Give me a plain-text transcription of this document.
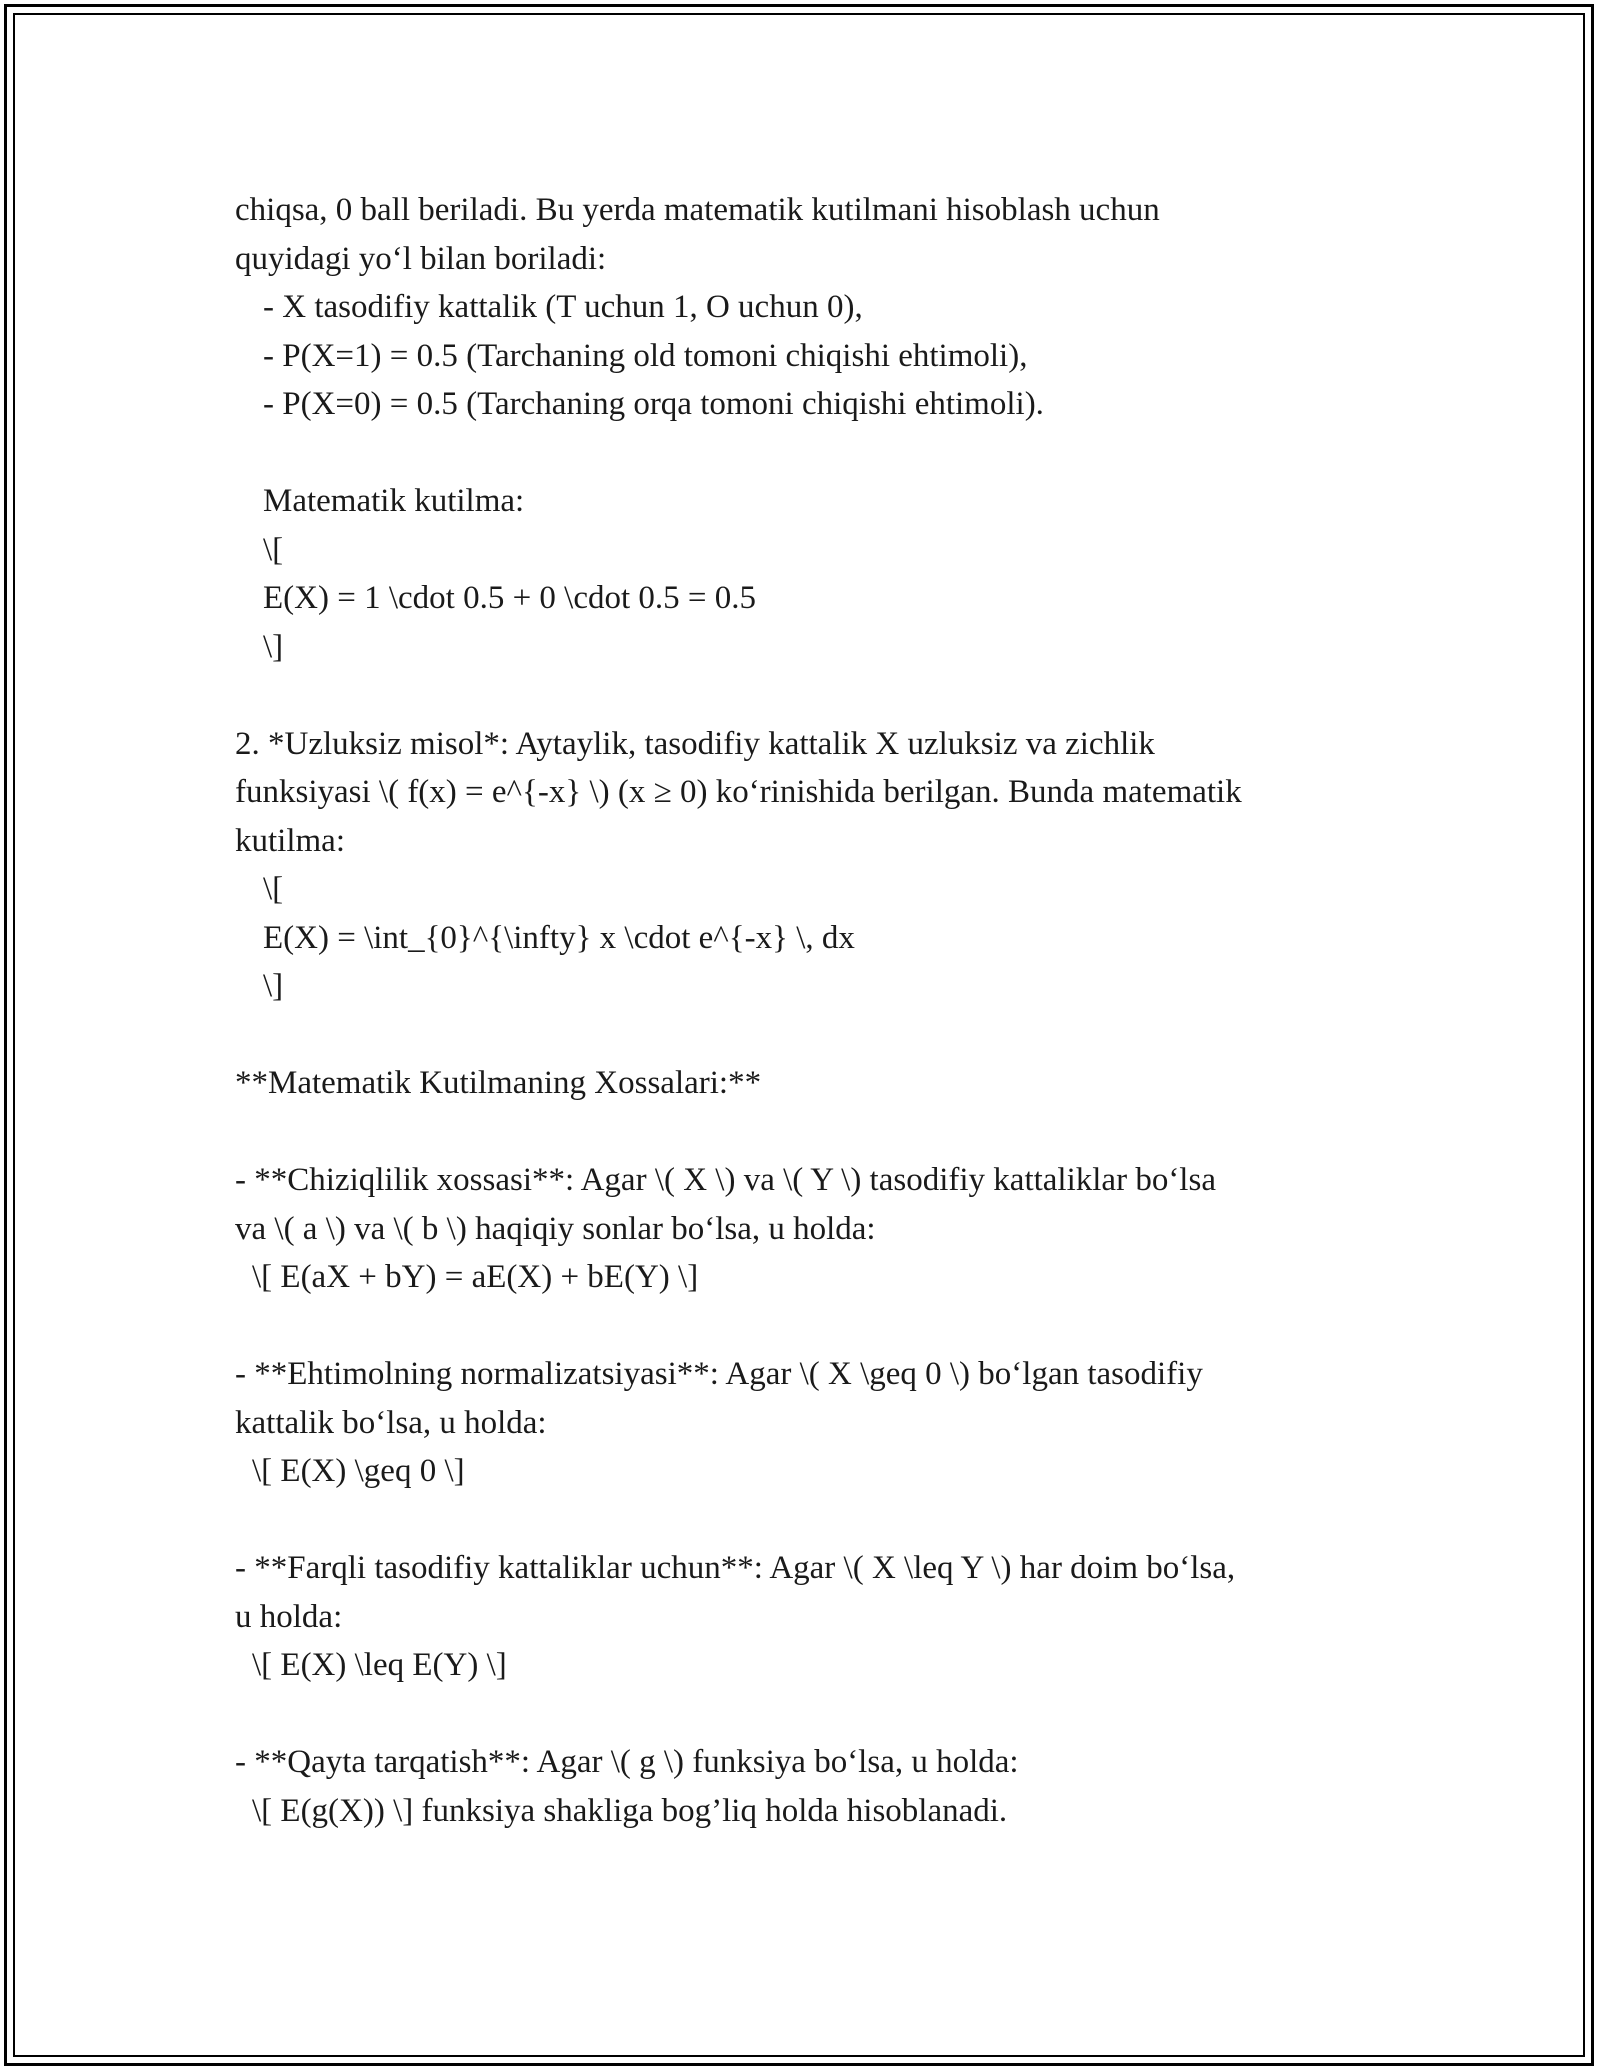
chiqsa, 0 ball beriladi. Bu yerda matematik kutilmani hisoblash uchun
quyidagi yo‘l bilan boriladi:
- X tasodifiy kattalik (T uchun 1, O uchun 0),
- P(X=1) = 0.5 (Tarchaning old tomoni chiqishi ehtimoli),
- P(X=0) = 0.5 (Tarchaning orqa tomoni chiqishi ehtimoli).
Matematik kutilma:
\[
E(X) = 1 \cdot 0.5 + 0 \cdot 0.5 = 0.5
\]
2. *Uzluksiz misol*: Aytaylik, tasodifiy kattalik X uzluksiz va zichlik
funksiyasi \( f(x) = e^{-x} \) (x ≥ 0) ko‘rinishida berilgan. Bunda matematik
kutilma:
\[
E(X) = \int_{0}^{\infty} x \cdot e^{-x} \, dx
\]
**Matematik Kutilmaning Xossalari:**
- **Chiziqlilik xossasi**: Agar \( X \) va \( Y \) tasodifiy kattaliklar bo‘lsa
va \( a \) va \( b \) haqiqiy sonlar bo‘lsa, u holda:
\[ E(aX + bY) = aE(X) + bE(Y) \]
- **Ehtimolning normalizatsiyasi**: Agar \( X \geq 0 \) bo‘lgan tasodifiy
kattalik bo‘lsa, u holda:
\[ E(X) \geq 0 \]
- **Farqli tasodifiy kattaliklar uchun**: Agar \( X \leq Y \) har doim bo‘lsa,
u holda:
\[ E(X) \leq E(Y) \]
- **Qayta tarqatish**: Agar \( g \) funksiya bo‘lsa, u holda:
\[ E(g(X)) \] funksiya shakliga bog’liq holda hisoblanadi.
